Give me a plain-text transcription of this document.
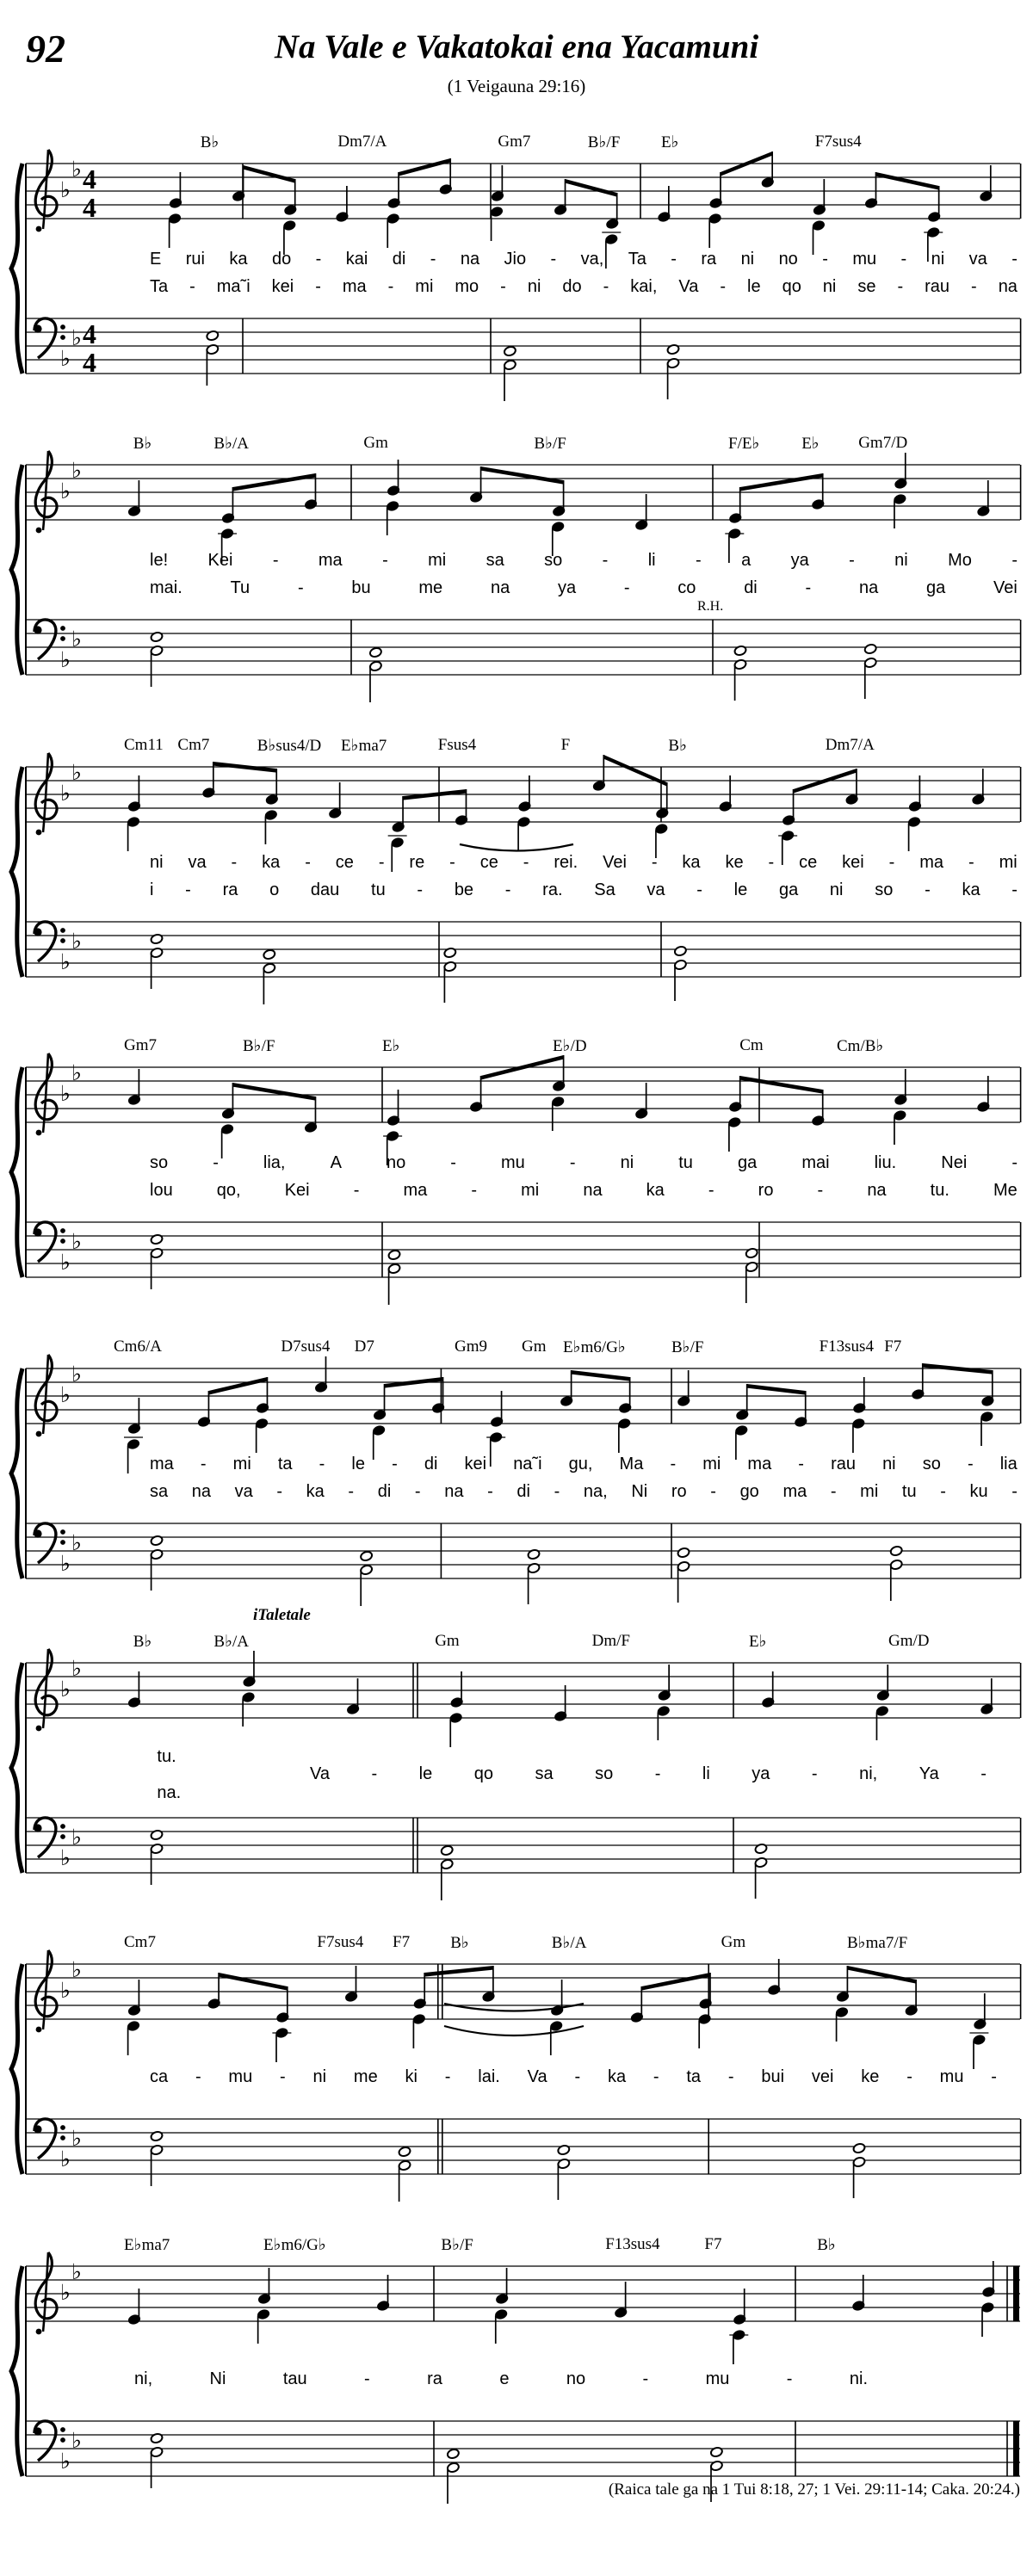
92	Na Vale e Vakatokai ena Yacamuni
(1 Veigauna 29:16)
♭
♭
♭
♭
4
4
4
4
B♭	Dm7/A	Gm7	B♭/F	E♭	F7sus4
E rui ka do - kai di - na Jio - va, Ta - ra ni no - mu - ni va -
Ta - ma˜i kei - ma - mi mo - ni do - kai, Va - le qo ni se - rau - na
♭
♭
♭
♭
B♭	B♭/A	Gm	B♭/F	F/E♭	E♭ Gm7/D
R.H.
le! Kei - ma - mi sa so - li - a ya - ni Mo -
mai.	Tu	-	bu	me	na	ya	-	co	di	-	na	ga	Vei
♭
♭
♭
♭
Cm11 Cm7	B♭sus4/D E♭ma7	Fsus4	F	B♭	Dm7/A
ni va - ka - ce - re - ce - rei. Vei - ka ke - ce kei - ma - mi
i - ra o dau tu - be - ra. Sa va - le ga ni so - ka -
♭
♭
♭
♭
Gm7	B♭/F	E♭	E♭/D	Cm	Cm/B♭
so	-	lia,	A	no	-	mu	-	ni	tu	ga	mai	liu.	Nei	-
lou	qo,	Kei	-	ma	-	mi	na	ka	-	ro	-	na	tu.	Me
♭
♭
♭
♭
Cm6/A	D7sus4 D7	Gm9 Gm E♭m6/G♭	B♭/F	F13sus4 F7
ma - mi ta - le - di kei na˜i gu, Ma - mi ma - rau ni so - lia
sa na va - ka - di - na - di - na, Ni ro - go ma - mi tu - ku -
♭
♭
♭
♭
B♭	B♭/A	Gm	Dm/F	E♭	Gm/D
iTaletale
tu.
Va - le qo sa so - li ya - ni, Ya -
na.
♭
♭
♭
♭
Cm7	F7sus4 F7 B♭	B♭/A	Gm	B♭ma7/F
ca - mu - ni me ki - lai. Va - ka - ta - bui vei ke - mu -
♭
♭
♭
♭
E♭ma7	E♭m6/G♭	B♭/F	F13sus4	F7	B♭
ni,	Ni	tau	-	ra	e	no	-	mu	-	ni.
(Raica tale ga na 1 Tui 8:18, 27; 1 Vei. 29:11-14; Caka. 20:24.)
